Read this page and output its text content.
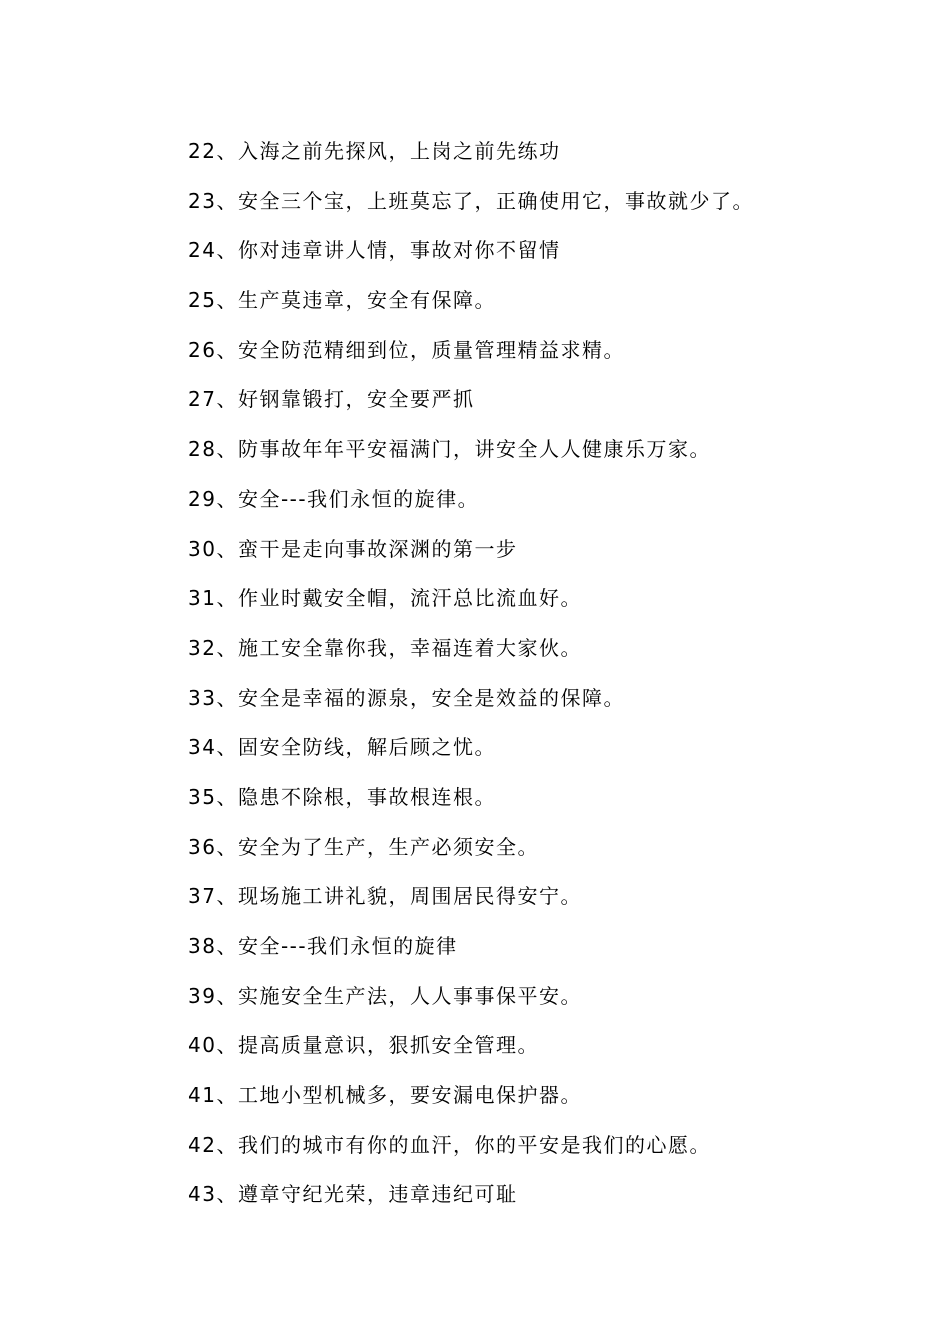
22、入海之前先探风，上岗之前先练功
23、安全三个宝，上班莫忘了，正确使用它，事故就少了。
24、你对违章讲人情，事故对你不留情
25、生产莫违章，安全有保障。
26、安全防范精细到位，质量管理精益求精。
27、好钢靠锻打，安全要严抓
28、防事故年年平安福满门，讲安全人人健康乐万家。
29、安全---我们永恒的旋律。
30、蛮干是走向事故深渊的第一步
31、作业时戴安全帽，流汗总比流血好。
32、施工安全靠你我，幸福连着大家伙。
33、安全是幸福的源泉，安全是效益的保障。
34、固安全防线，解后顾之忧。
35、隐患不除根，事故根连根。
36、安全为了生产，生产必须安全。
37、现场施工讲礼貌，周围居民得安宁。
38、安全---我们永恒的旋律
39、实施安全生产法，人人事事保平安。
40、提高质量意识，狠抓安全管理。
41、工地小型机械多，要安漏电保护器。
42、我们的城市有你的血汗，你的平安是我们的心愿。
43、遵章守纪光荣，违章违纪可耻
